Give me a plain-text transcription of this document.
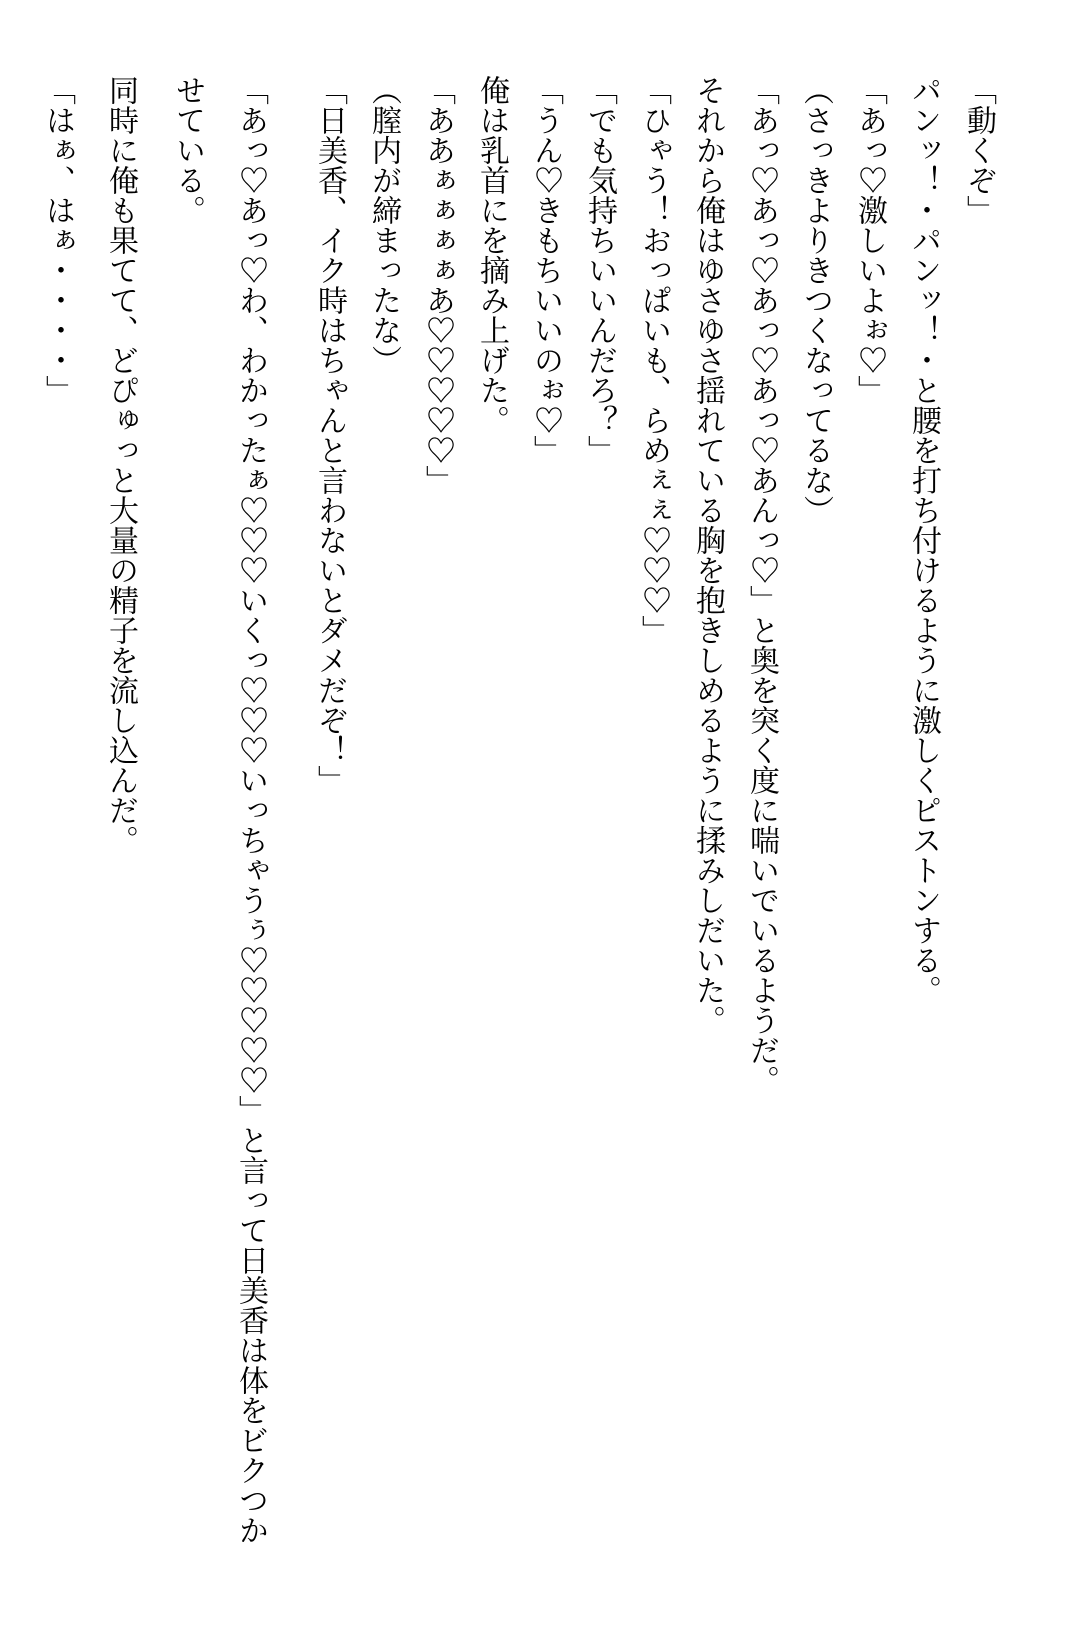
「動くぞ」
パンッ！・パンッ！・と腰を打ち付けるように激しくピストンする。
「あっ♡激しいよぉ♡」
（さっきよりきつくなってるな）
「あっ♡あっ♡あっ♡あっ♡あんっ♡」と奥を突く度に喘いでいるようだ。
それから俺はゆさゆさ揺れている胸を抱きしめるように揉みしだいた。
「ひゃう！おっぱいも、らめぇぇ♡♡♡」
「でも気持ちいいんだろ？」
「うん♡きもちいいのぉ♡」
俺は乳首にを摘み上げた。
「ああぁぁぁぁあ♡♡♡♡♡」
（膣内が締まったな）
「日美香、イク時はちゃんと言わないとダメだぞ！」
「あっ♡あっ♡わ、わかったぁ♡♡♡いくっ♡♡♡いっちゃうぅ♡♡♡♡♡」と言って日美香は体をビクつか
せている。
同時に俺も果てて、どぴゅっと大量の精子を流し込んだ。
「はぁ、はぁ・・・・」
